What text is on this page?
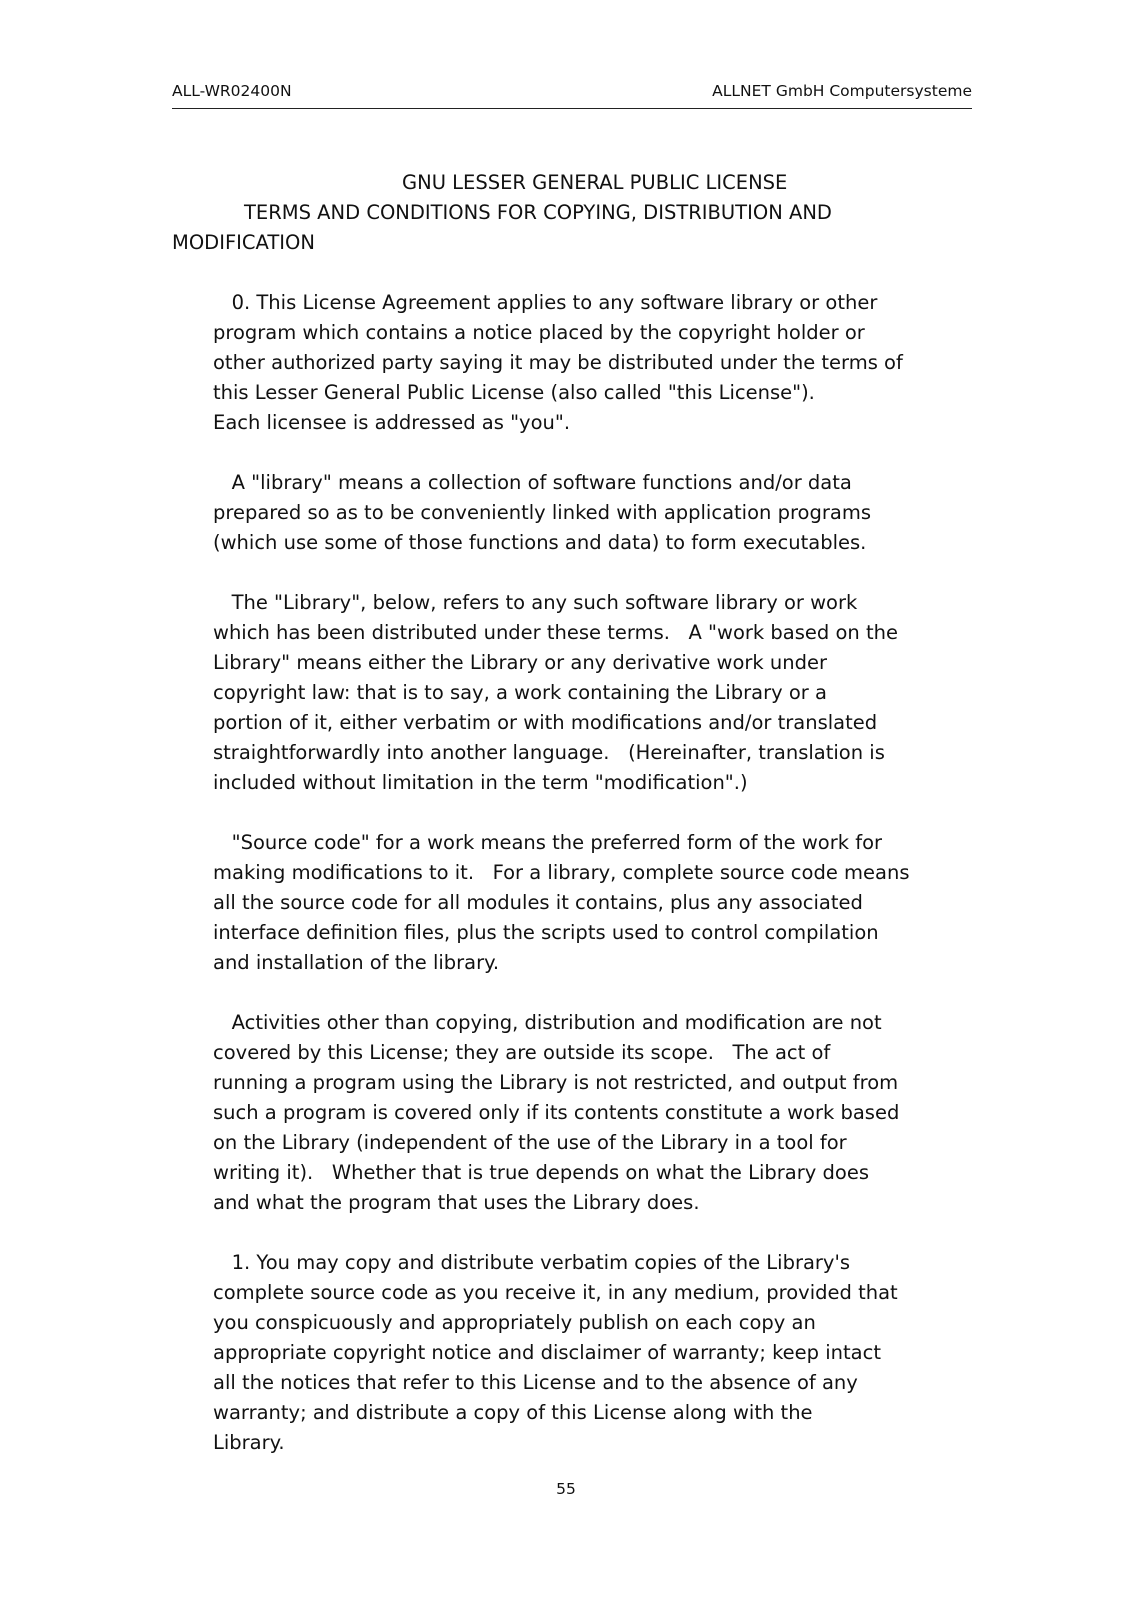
ALL-WR02400N	ALLNET GmbH Computersysteme
GNU LESSER GENERAL PUBLIC LICENSE
TERMS AND CONDITIONS FOR COPYING, DISTRIBUTION AND
MODIFICATION
0. This License Agreement applies to any software library or other
program which contains a notice placed by the copyright holder or
other authorized party saying it may be distributed under the terms of
this Lesser General Public License (also called "this License").
Each licensee is addressed as "you".
A "library" means a collection of software functions and/or data
prepared so as to be conveniently linked with application programs
(which use some of those functions and data) to form executables.
The "Library", below, refers to any such software library or work
which has been distributed under these terms.   A "work based on the
Library" means either the Library or any derivative work under
copyright law: that is to say, a work containing the Library or a
portion of it, either verbatim or with modifications and/or translated
straightforwardly into another language.   (Hereinafter, translation is
included without limitation in the term "modification".)
"Source code" for a work means the preferred form of the work for
making modifications to it.   For a library, complete source code means
all the source code for all modules it contains, plus any associated
interface definition files, plus the scripts used to control compilation
and installation of the library.
Activities other than copying, distribution and modification are not
covered by this License; they are outside its scope.   The act of
running a program using the Library is not restricted, and output from
such a program is covered only if its contents constitute a work based
on the Library (independent of the use of the Library in a tool for
writing it).   Whether that is true depends on what the Library does
and what the program that uses the Library does.
1. You may copy and distribute verbatim copies of the Library's
complete source code as you receive it, in any medium, provided that
you conspicuously and appropriately publish on each copy an
appropriate copyright notice and disclaimer of warranty; keep intact
all the notices that refer to this License and to the absence of any
warranty; and distribute a copy of this License along with the
Library.
55
